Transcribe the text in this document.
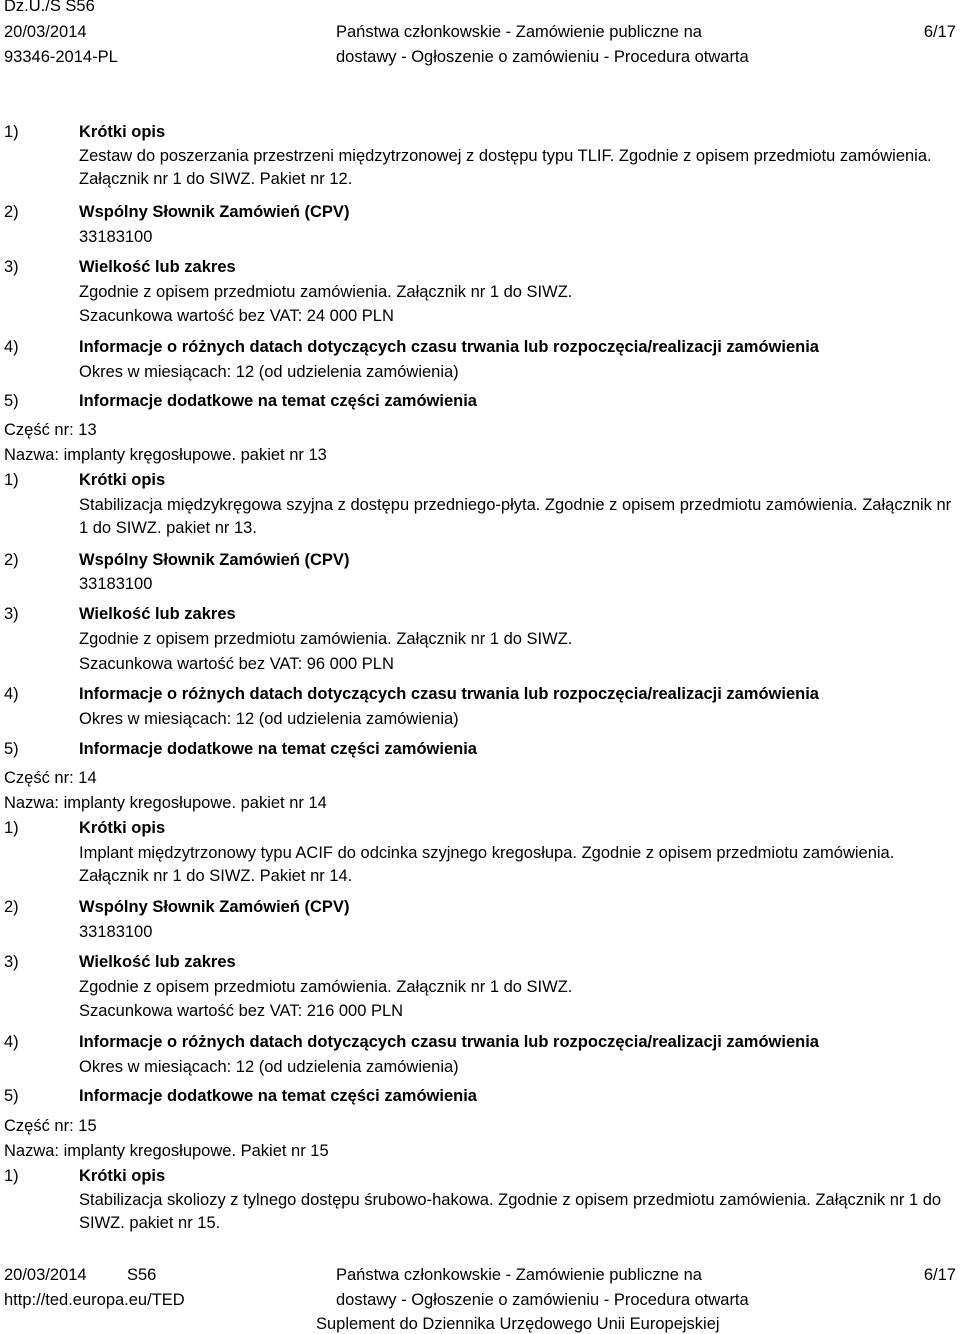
Dz.U./S S56
20/03/2014
93346-2014-PL
Państwa członkowskie - Zamówienie publiczne na
dostawy - Ogłoszenie o zamówieniu - Procedura otwarta
6/17
1)	Krótki opis
Zestaw do poszerzania przestrzeni międzytrzonowej z dostępu typu TLIF. Zgodnie z opisem przedmiotu zamówienia. Załącznik nr 1 do SIWZ. Pakiet nr 12.
2)	Wspólny Słownik Zamówień (CPV)
33183100
3)	Wielkość lub zakres
Zgodnie z opisem przedmiotu zamówienia. Załącznik nr 1 do SIWZ.
Szacunkowa wartość bez VAT: 24 000 PLN
4)	Informacje o różnych datach dotyczących czasu trwania lub rozpoczęcia/realizacji zamówienia
Okres w miesiącach: 12 (od udzielenia zamówienia)
5)	Informacje dodatkowe na temat części zamówienia
Część nr: 13
Nazwa: implanty kręgosłupowe. pakiet nr 13
1)	Krótki opis
Stabilizacja międzykręgowa szyjna z dostępu przedniego-płyta. Zgodnie z opisem przedmiotu zamówienia. Załącznik nr 1 do SIWZ. pakiet nr 13.
2)	Wspólny Słownik Zamówień (CPV)
33183100
3)	Wielkość lub zakres
Zgodnie z opisem przedmiotu zamówienia. Załącznik nr 1 do SIWZ.
Szacunkowa wartość bez VAT: 96 000 PLN
4)	Informacje o różnych datach dotyczących czasu trwania lub rozpoczęcia/realizacji zamówienia
Okres w miesiącach: 12 (od udzielenia zamówienia)
5)	Informacje dodatkowe na temat części zamówienia
Część nr: 14
Nazwa: implanty kregosłupowe. pakiet nr 14
1)	Krótki opis
Implant międzytrzonowy typu ACIF do odcinka szyjnego kregosłupa. Zgodnie z opisem przedmiotu zamówienia. Załącznik nr 1 do SIWZ. Pakiet nr 14.
2)	Wspólny Słownik Zamówień (CPV)
33183100
3)	Wielkość lub zakres
Zgodnie z opisem przedmiotu zamówienia. Załącznik nr 1 do SIWZ.
Szacunkowa wartość bez VAT: 216 000 PLN
4)	Informacje o różnych datach dotyczących czasu trwania lub rozpoczęcia/realizacji zamówienia
Okres w miesiącach: 12 (od udzielenia zamówienia)
5)	Informacje dodatkowe na temat części zamówienia
Część nr: 15
Nazwa: implanty kregosłupowe. Pakiet nr 15
1)	Krótki opis
Stabilizacja skoliozy z tylnego dostępu śrubowo-hakowa. Zgodnie z opisem przedmiotu zamówienia. Załącznik nr 1 do SIWZ. pakiet nr 15.
20/03/2014 S56
http://ted.europa.eu/TED
Państwa członkowskie - Zamówienie publiczne na
dostawy - Ogłoszenie o zamówieniu - Procedura otwarta
Suplement do Dziennika Urzędowego Unii Europejskiej
6/17
